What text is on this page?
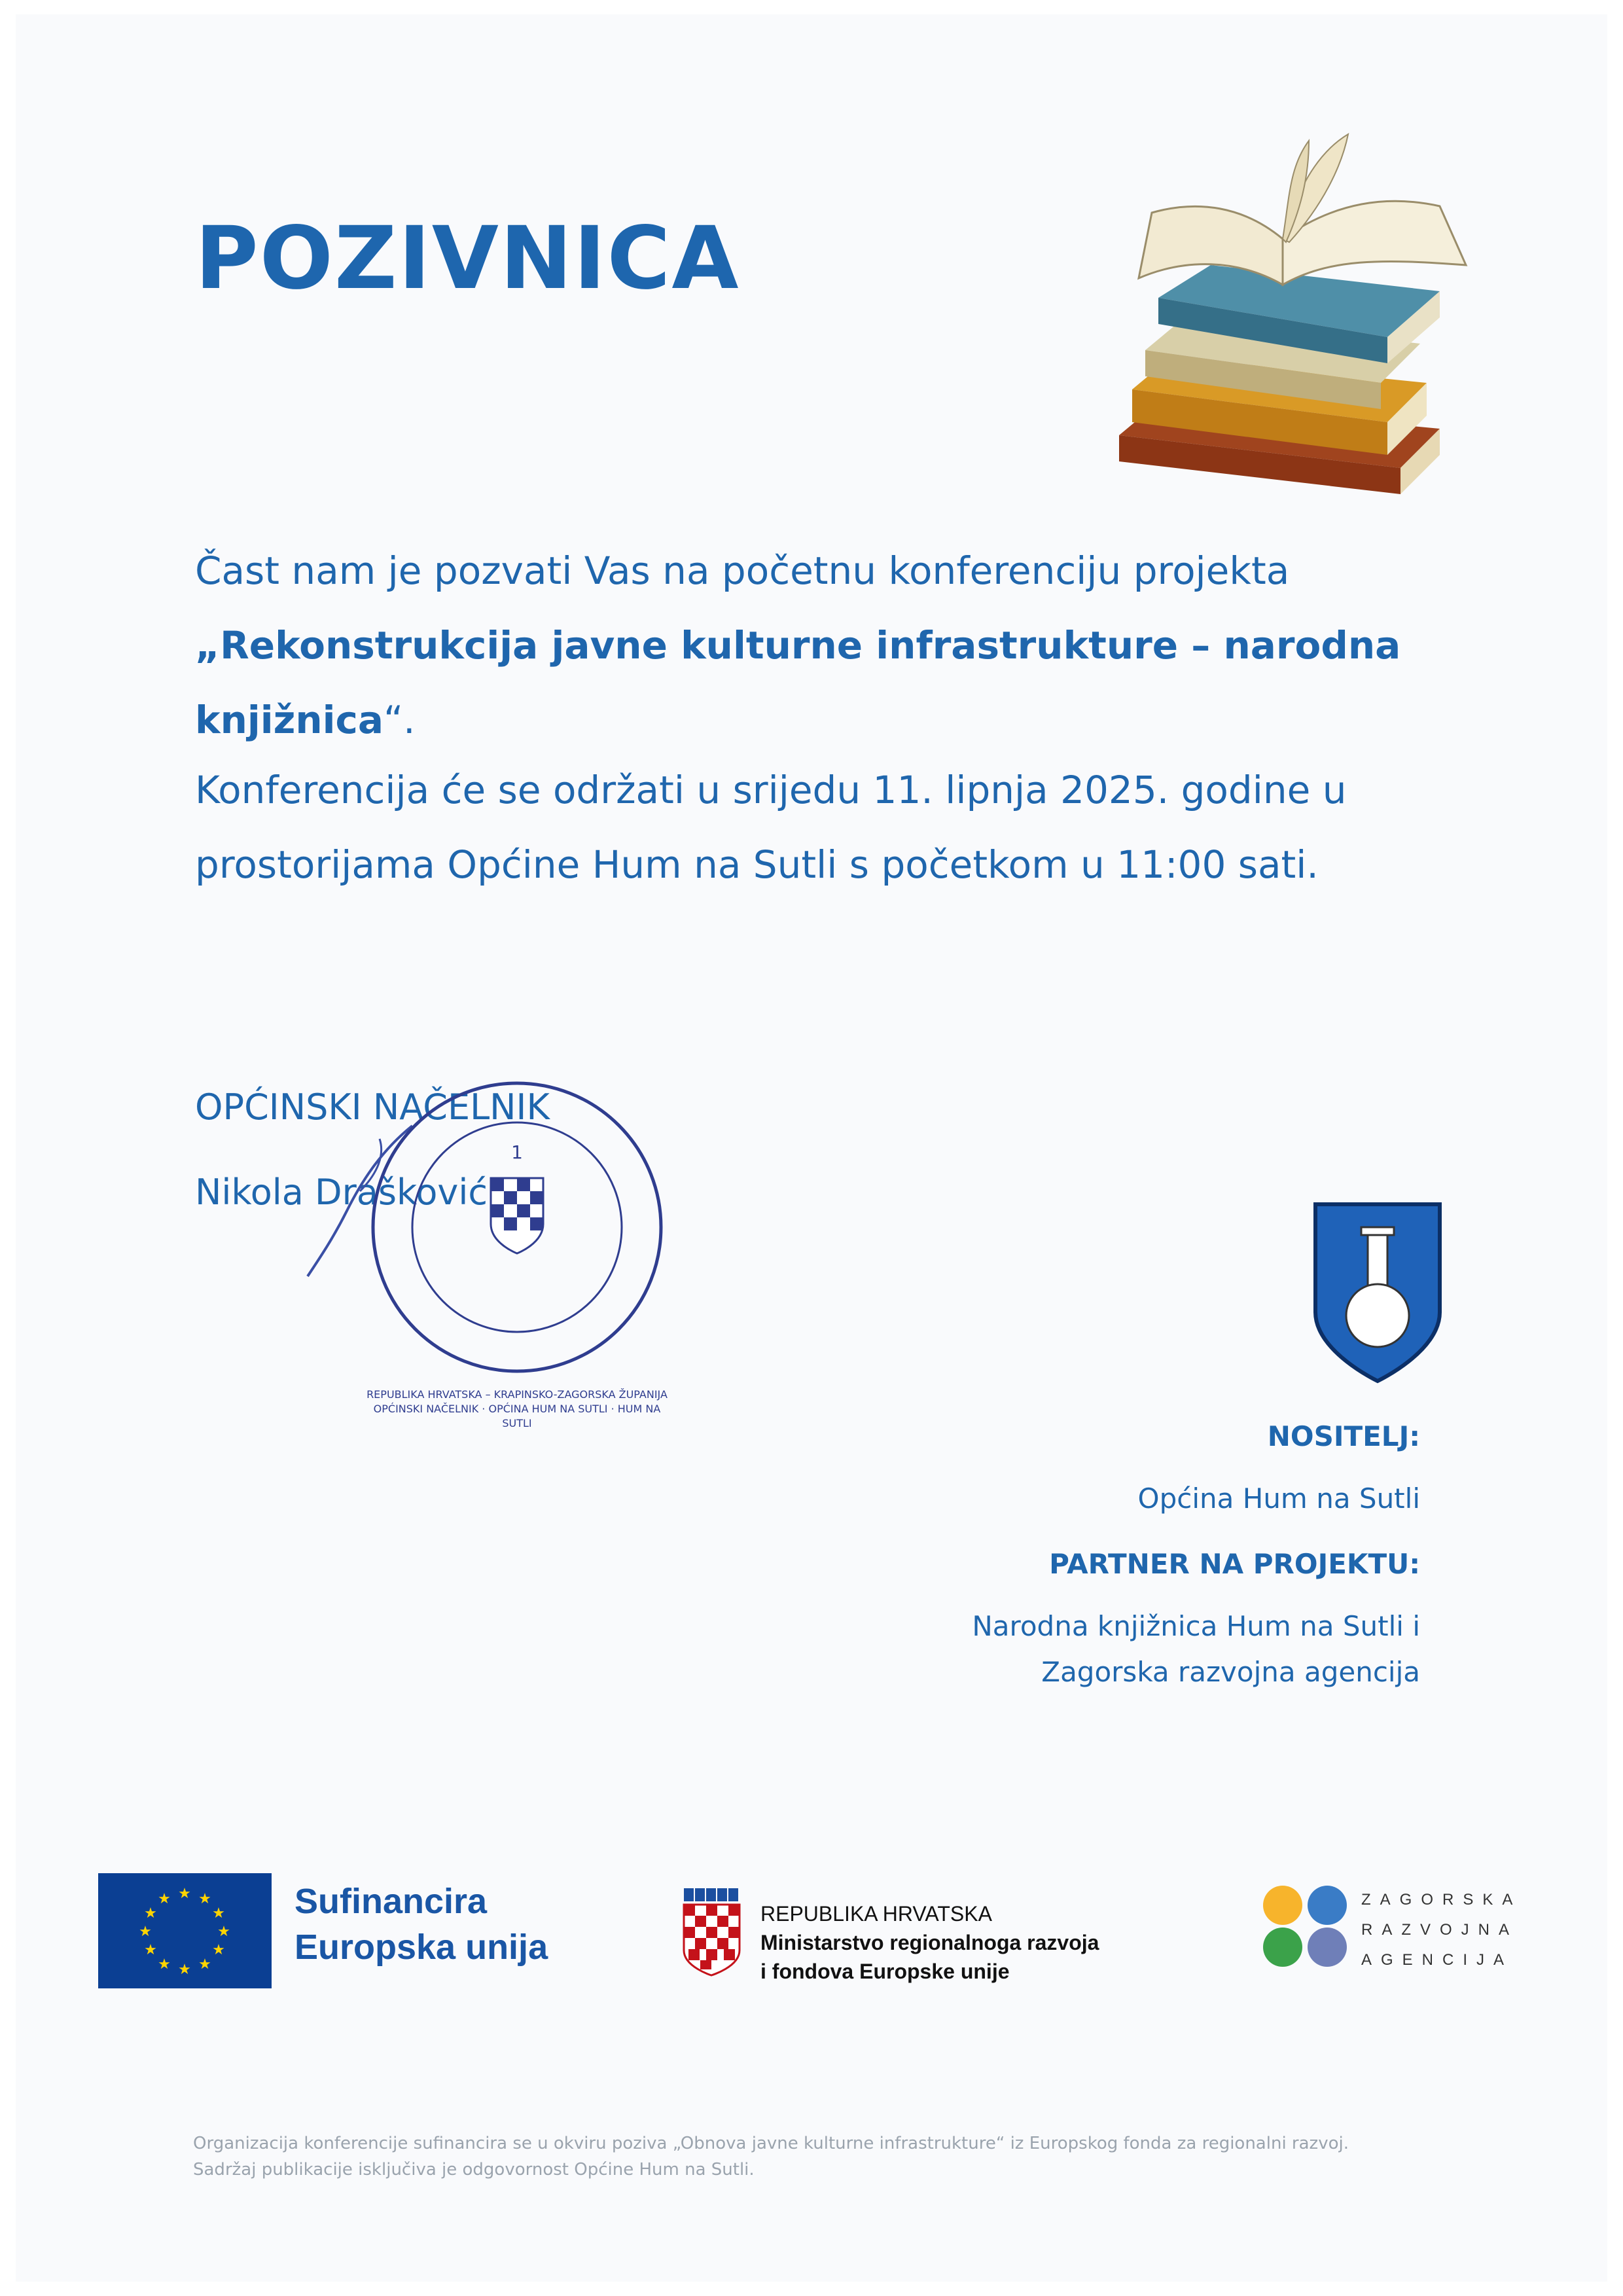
POZIVNICA
Čast nam je pozvati Vas na početnu konferenciju projekta
„Rekonstrukcija javne kulturne infrastrukture – narodna
knjižnica“.
Konferencija će se održati u srijedu 11. lipnja 2025. godine u
prostorijama Općine Hum na Sutli s početkom u 11:00 sati.
OPĆINSKI NAČELNIK
Nikola Drašković
1
REPUBLIKA HRVATSKA – KRAPINSKO-ZAGORSKA ŽUPANIJA
OPĆINSKI NAČELNIK · OPĆINA HUM NA SUTLI · HUM NA SUTLI	NOSITELJ:
Općina Hum na Sutli
PARTNER NA PROJEKTU:
Narodna knjižnica Hum na Sutli i
Zagorska razvojna agencija
★ ★
★
★
★
★
★
★
★
★
★
★	Sufinancira
Europska unija
REPUBLIKA HRVATSKA
Ministarstvo regionalnoga razvoja
i fondova Europske unije
ZAGORSKA
RAZVOJNA
AGENCIJA
Organizacija konferencije sufinancira se u okviru poziva „Obnova javne kulturne infrastrukture“ iz Europskog fonda za regionalni razvoj.
Sadržaj publikacije isključiva je odgovornost Općine Hum na Sutli.
